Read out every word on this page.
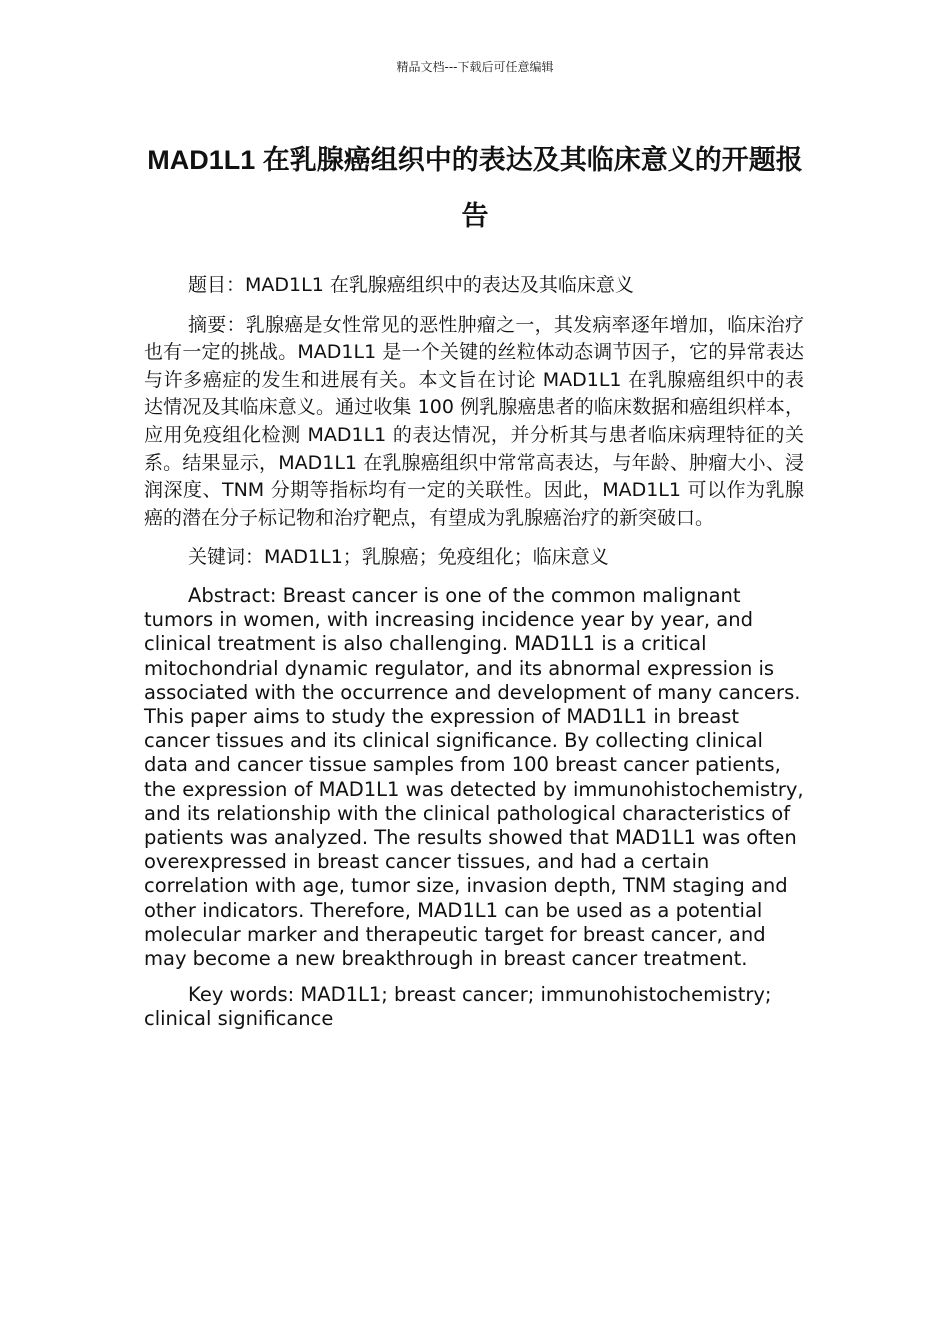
精品文档---下载后可任意编辑
MAD1L1 在乳腺癌组织中的表达及其临床意义的开题报告

题目：MAD1L1 在乳腺癌组织中的表达及其临床意义

摘要：乳腺癌是女性常见的恶性肿瘤之一，其发病率逐年增加，临床治疗也有一定的挑战。MAD1L1 是一个关键的丝粒体动态调节因子，它的异常表达与许多癌症的发生和进展有关。本文旨在讨论 MAD1L1 在乳腺癌组织中的表达情况及其临床意义。通过收集 100 例乳腺癌患者的临床数据和癌组织样本，应用免疫组化检测 MAD1L1 的表达情况，并分析其与患者临床病理特征的关系。结果显示，MAD1L1 在乳腺癌组织中常常高表达，与年龄、肿瘤大小、浸润深度、TNM 分期等指标均有一定的关联性。因此，MAD1L1 可以作为乳腺癌的潜在分子标记物和治疗靶点，有望成为乳腺癌治疗的新突破口。

关键词：MAD1L1；乳腺癌；免疫组化；临床意义

Abstract: Breast cancer is one of the common malignant tumors in women, with increasing incidence year by year, and clinical treatment is also challenging. MAD1L1 is a critical mitochondrial dynamic regulator, and its abnormal expression is associated with the occurrence and development of many cancers. This paper aims to study the expression of MAD1L1 in breast cancer tissues and its clinical significance. By collecting clinical data and cancer tissue samples from 100 breast cancer patients, the expression of MAD1L1 was detected by immunohistochemistry, and its relationship with the clinical pathological characteristics of patients was analyzed. The results showed that MAD1L1 was often overexpressed in breast cancer tissues, and had a certain correlation with age, tumor size, invasion depth, TNM staging and other indicators. Therefore, MAD1L1 can be used as a potential molecular marker and therapeutic target for breast cancer, and may become a new breakthrough in breast cancer treatment.

Key words: MAD1L1; breast cancer; immunohistochemistry; clinical significance
